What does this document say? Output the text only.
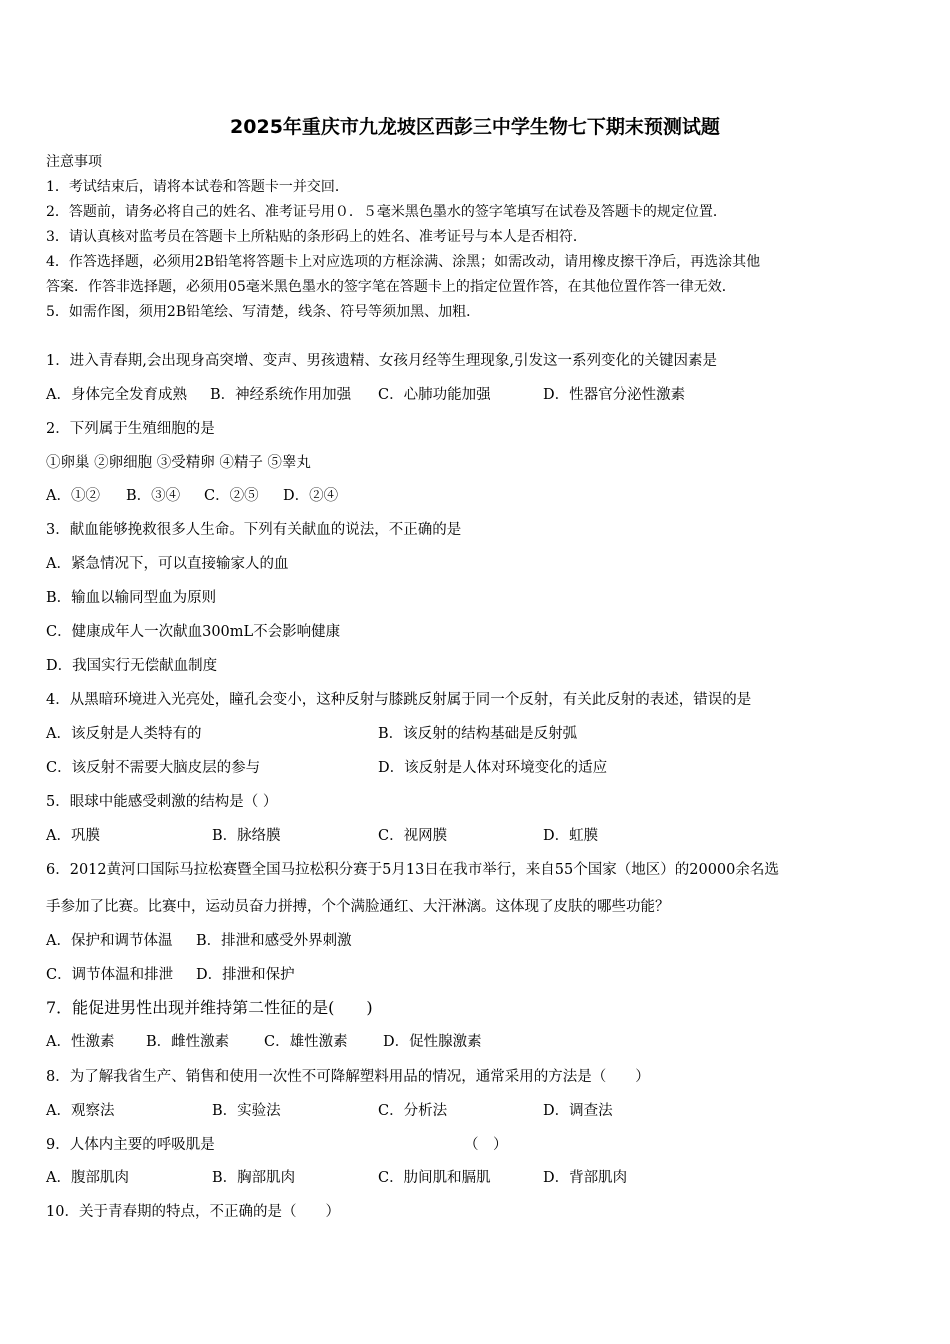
2025年重庆市九龙坡区西彭三中学生物七下期末预测试题
注意事项
1．考试结束后，请将本试卷和答题卡一并交回．
2．答题前，请务必将自己的姓名、准考证号用０．５毫米黑色墨水的签字笔填写在试卷及答题卡的规定位置．
3．请认真核对监考员在答题卡上所粘贴的条形码上的姓名、准考证号与本人是否相符．
4．作答选择题，必须用2B铅笔将答题卡上对应选项的方框涂满、涂黑；如需改动，请用橡皮擦干净后，再选涂其他
答案．作答非选择题，必须用05毫米黑色墨水的签字笔在答题卡上的指定位置作答，在其他位置作答一律无效．
5．如需作图，须用2B铅笔绘、写清楚，线条、符号等须加黑、加粗．
1．进入青春期,会出现身高突增、变声、男孩遗精、女孩月经等生理现象,引发这一系列变化的关键因素是
A．身体完全发育成熟 B．神经系统作用加强 C．心肺功能加强	D．性器官分泌性激素
2．下列属于生殖细胞的是
①卵巢 ②卵细胞 ③受精卵 ④精子 ⑤睾丸
A．①② B．③④ C．②⑤ D．②④
3．献血能够挽救很多人生命。下列有关献血的说法，不正确的是
A．紧急情况下，可以直接输家人的血
B．输血以输同型血为原则
C．健康成年人一次献血300mL不会影响健康
D．我国实行无偿献血制度
4．从黑暗环境进入光亮处，瞳孔会变小，这种反射与膝跳反射属于同一个反射，有关此反射的表述，错误的是
A．该反射是人类特有的	B．该反射的结构基础是反射弧
C．该反射不需要大脑皮层的参与	D．该反射是人体对环境变化的适应
5．眼球中能感受刺激的结构是（ ）
A．巩膜	B．脉络膜	C．视网膜	D．虹膜
6．2012黄河口国际马拉松赛暨全国马拉松积分赛于5月13日在我市举行，来自55个国家（地区）的20000余名选
手参加了比赛。比赛中，运动员奋力拼搏，个个满脸通红、大汗淋漓。这体现了皮肤的哪些功能？
A．保护和调节体温 B．排泄和感受外界刺激
C．调节体温和排泄 D．排泄和保护
7．能促进男性出现并维持第二性征的是(　　)
A．性激素 B．雌性激素 C．雄性激素 D．促性腺激素
8．为了解我省生产、销售和使用一次性不可降解塑料用品的情况，通常采用的方法是（　　）
A．观察法	B．实验法	C．分析法	D．调查法
9．人体内主要的呼吸肌是	（　）
A．腹部肌肉	B．胸部肌肉	C．肋间肌和膈肌	D．背部肌肉
10．关于青春期的特点，不正确的是（　　）
